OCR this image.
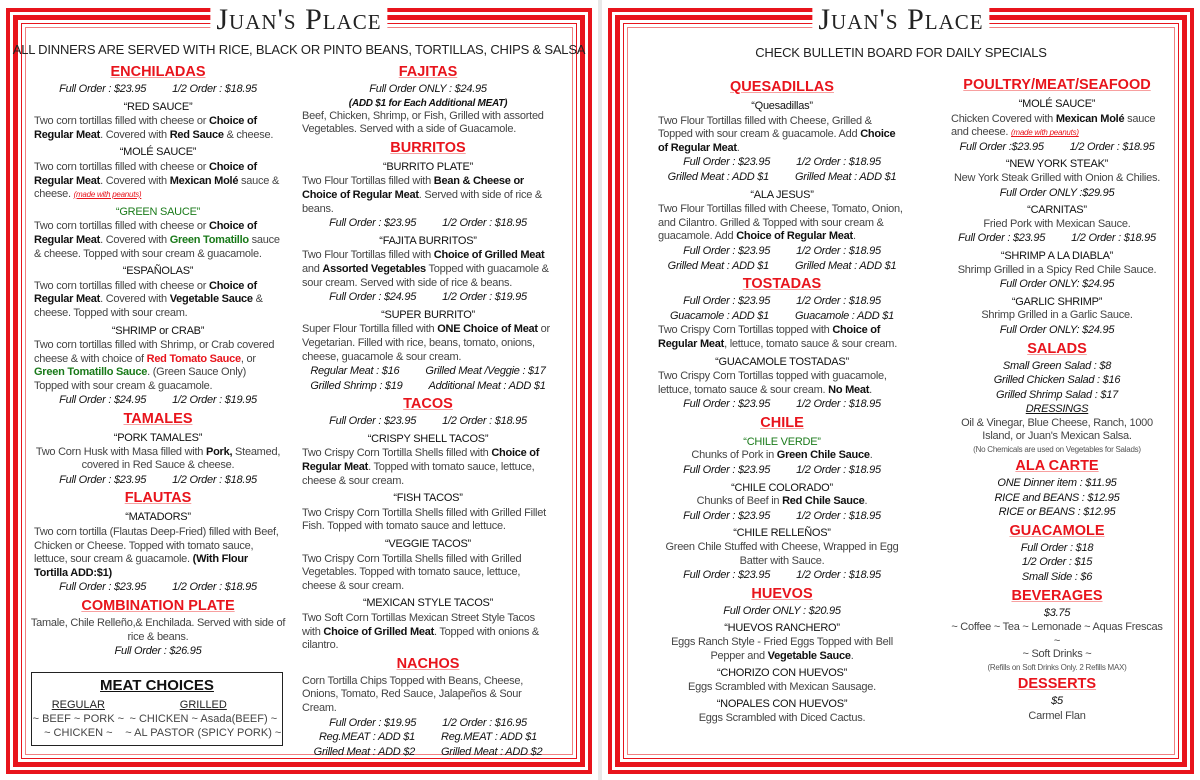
Juan's Place
ALL DINNERS ARE SERVED WITH RICE, BLACK OR PINTO BEANS, TORTILLAS, CHIPS & SALSA
ENCHILADAS
Full Order : $23.95 1/2 Order : $18.95
“RED SAUCE”
Two corn tortillas filled with cheese or Choice of Regular Meat. Covered with Red Sauce & cheese.
“MOLÉ SAUCE”
Two corn tortillas filled with cheese or Choice of Regular Meat. Covered with Mexican Molé sauce & cheese. (made with peanuts)
“GREEN SAUCE”
Two corn tortillas filled with cheese or Choice of Regular Meat. Covered with Green Tomatillo sauce & cheese. Topped with sour cream & guacamole.
“ESPAÑOLAS”
Two corn tortillas filled with cheese or Choice of Regular Meat. Covered with Vegetable Sauce & cheese. Topped with sour cream.
“SHRIMP or CRAB”
Two corn tortillas filled with Shrimp, or Crab covered cheese & with choice of Red Tomato Sauce, or Green Tomatillo Sauce. (Green Sauce Only) Topped with sour cream & guacamole.
Full Order : $24.95 1/2 Order : $19.95
TAMALES
“PORK TAMALES”
Two Corn Husk with Masa filled with Pork, Steamed, covered in Red Sauce & cheese.
Full Order : $23.95 1/2 Order : $18.95
FLAUTAS
“MATADORS”
Two corn tortilla (Flautas Deep-Fried) filled with Beef, Chicken or Cheese. Topped with tomato sauce, lettuce, sour cream & guacamole. (With Flour Tortilla ADD:$1)
Full Order : $23.95 1/2 Order : $18.95
COMBINATION PLATE
Tamale, Chile Relleño,& Enchilada. Served with side of rice & beans.
Full Order : $26.95
FAJITAS
Full Order ONLY : $24.95
(ADD $1 for Each Additional MEAT)
Beef, Chicken, Shrimp, or Fish, Grilled with assorted Vegetables. Served with a side of Guacamole.
BURRITOS
“BURRITO PLATE”
Two Flour Tortillas filled with Bean & Cheese or Choice of Regular Meat. Served with side of rice & beans.
Full Order : $23.95 1/2 Order : $18.95
“FAJITA BURRITOS”
Two Flour Tortillas filled with Choice of Grilled Meat and Assorted Vegetables Topped with guacamole & sour cream. Served with side of rice & beans.
Full Order : $24.95 1/2 Order : $19.95
“SUPER BURRITO”
Super Flour Tortilla filled with ONE Choice of Meat or Vegetarian. Filled with rice, beans, tomato, onions, cheese, guacamole & sour cream.
Regular Meat : $16 Grilled Meat /Veggie : $17
Grilled Shrimp : $19 Additional Meat : ADD $1
TACOS
Full Order : $23.95 1/2 Order : $18.95
“CRISPY SHELL TACOS”
Two Crispy Corn Tortilla Shells filled with Choice of Regular Meat. Topped with tomato sauce, lettuce, cheese & sour cream.
“FISH TACOS”
Two Crispy Corn Tortilla Shells filled with Grilled Fillet Fish. Topped with tomato sauce and lettuce.
“VEGGIE TACOS”
Two Crispy Corn Tortilla Shells filled with Grilled Vegetables. Topped with tomato sauce, lettuce, cheese & sour cream.
“MEXICAN STYLE TACOS”
Two Soft Corn Tortillas Mexican Street Style Tacos with Choice of Grilled Meat. Topped with onions & cilantro.
NACHOS
Corn Tortilla Chips Topped with Beans, Cheese, Onions, Tomato, Red Sauce, Jalapeños & Sour Cream.
Full Order : $19.95 1/2 Order : $16.95
Reg.MEAT : ADD $1 Reg.MEAT : ADD $1
Grilled Meat : ADD $2 Grilled Meat : ADD $2
MEAT CHOICES
REGULAR
~ BEEF ~ PORK ~
~ CHICKEN ~
GRILLED
~ CHICKEN ~ Asada(BEEF) ~
~ AL PASTOR (SPICY PORK) ~
Juan's Place
CHECK BULLETIN BOARD FOR DAILY SPECIALS
QUESADILLAS
“Quesadillas”
Two Flour Tortillas filled with Cheese, Grilled & Topped with sour cream & guacamole. Add Choice of Regular Meat.
Full Order : $23.95 1/2 Order : $18.95
Grilled Meat : ADD $1 Grilled Meat : ADD $1
“ALA JESUS”
Two Flour Tortillas filled with Cheese, Tomato, Onion, and Cilantro. Grilled & Topped with sour cream & guacamole. Add Choice of Regular Meat.
Full Order : $23.95 1/2 Order : $18.95
Grilled Meat : ADD $1 Grilled Meat : ADD $1
TOSTADAS
Full Order : $23.95 1/2 Order : $18.95
Guacamole : ADD $1 Guacamole : ADD $1
Two Crispy Corn Tortillas topped with Choice of Regular Meat, lettuce, tomato sauce & sour cream.
“GUACAMOLE TOSTADAS”
Two Crispy Corn Tortillas topped with guacamole, lettuce, tomato sauce & sour cream. No Meat.
Full Order : $23.95 1/2 Order : $18.95
CHILE
“CHILE VERDE”
Chunks of Pork in Green Chile Sauce.
Full Order : $23.95 1/2 Order : $18.95
“CHILE COLORADO”
Chunks of Beef in Red Chile Sauce.
Full Order : $23.95 1/2 Order : $18.95
“CHILE RELLEÑOS”
Green Chile Stuffed with Cheese, Wrapped in Egg Batter with Sauce.
Full Order : $23.95 1/2 Order : $18.95
HUEVOS
Full Order ONLY : $20.95
“HUEVOS RANCHERO”
Eggs Ranch Style - Fried Eggs Topped with Bell Pepper and Vegetable Sauce.
“CHORIZO CON HUEVOS”
Eggs Scrambled with Mexican Sausage.
“NOPALES CON HUEVOS”
Eggs Scrambled with Diced Cactus.
POULTRY/MEAT/SEAFOOD
“MOLÉ SAUCE”
Chicken Covered with Mexican Molé sauce and cheese. (made with peanuts)
Full Order :$23.95 1/2 Order : $18.95
“NEW YORK STEAK”
New York Steak Grilled with Onion & Chilies.
Full Order ONLY :$29.95
“CARNITAS”
Fried Pork with Mexican Sauce.
Full Order : $23.95 1/2 Order : $18.95
“SHRIMP A LA DIABLA”
Shrimp Grilled in a Spicy Red Chile Sauce.
Full Order ONLY: $24.95
“GARLIC SHRIMP”
Shrimp Grilled in a Garlic Sauce.
Full Order ONLY: $24.95
SALADS
Small Green Salad : $8
Grilled Chicken Salad : $16
Grilled Shrimp Salad : $17
DRESSINGS
Oil & Vinegar, Blue Cheese, Ranch, 1000 Island, or Juan's Mexican Salsa.
(No Chemicals are used on Vegetables for Salads)
ALA CARTE
ONE Dinner item : $11.95
RICE and BEANS : $12.95
RICE or BEANS : $12.95
GUACAMOLE
Full Order : $18
1/2 Order : $15
Small Side : $6
BEVERAGES
$3.75
~ Coffee ~ Tea ~ Lemonade ~ Aquas Frescas ~
~ Soft Drinks ~
(Refills on Soft Drinks Only. 2 Refills MAX)
DESSERTS
$5
Carmel Flan
